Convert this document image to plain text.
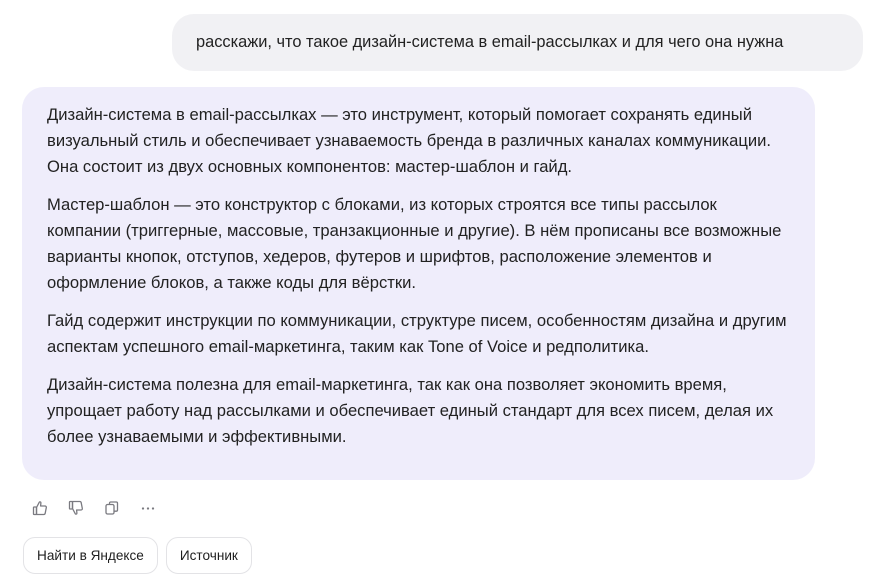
расскажи, что такое дизайн-система в email-рассылках и для чего она нужна

Дизайн-система в email-рассылках — это инструмент, который помогает сохранять единый визуальный стиль и обеспечивает узнаваемость бренда в различных каналах коммуникации. Она состоит из двух основных компонентов: мастер-шаблон и гайд.

Мастер-шаблон — это конструктор с блоками, из которых строятся все типы рассылок компании (триггерные, массовые, транзакционные и другие). В нём прописаны все возможные варианты кнопок, отступов, хедеров, футеров и шрифтов, расположение элементов и оформление блоков, а также коды для вёрстки.

Гайд содержит инструкции по коммуникации, структуре писем, особенностям дизайна и другим аспектам успешного email-маркетинга, таким как Tone of Voice и редполитика.

Дизайн-система полезна для email-маркетинга, так как она позволяет экономить время, упрощает работу над рассылками и обеспечивает единый стандарт для всех писем, делая их более узнаваемыми и эффективными.

Найти в Яндексе	Источник
